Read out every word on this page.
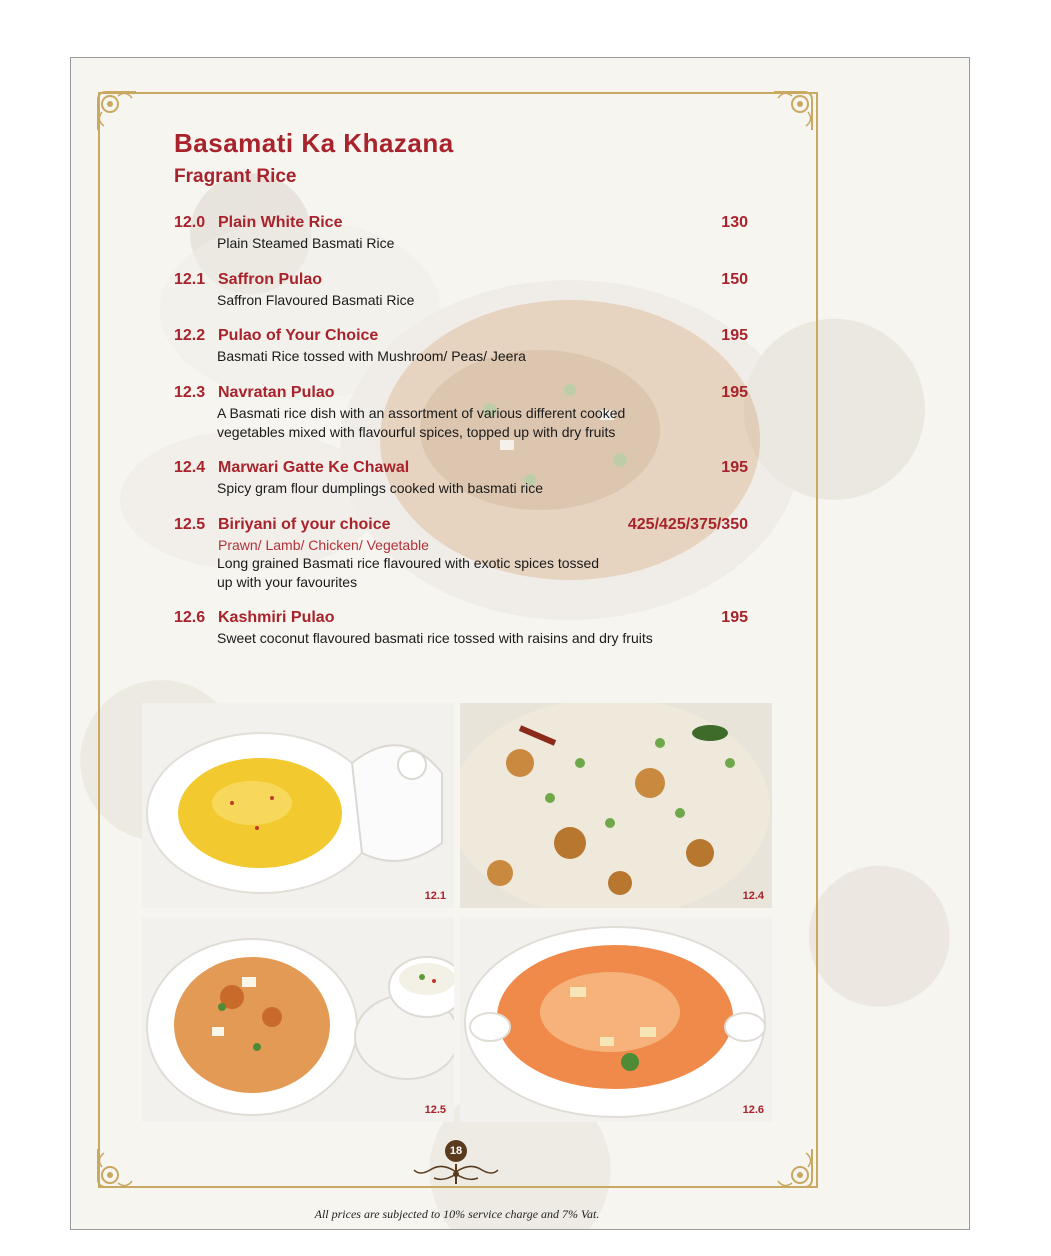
Basamati Ka Khazana
Fragrant Rice
12.0 Plain White Rice	130
Plain Steamed Basmati Rice
12.1 Saffron Pulao	150
Saffron Flavoured Basmati Rice
12.2 Pulao of Your Choice	195
Basmati Rice tossed with Mushroom/ Peas/ Jeera
12.3 Navratan Pulao	195
A Basmati rice dish with an assortment of various different cooked
vegetables mixed with flavourful spices, topped up with dry fruits
12.4 Marwari Gatte Ke Chawal	195
Spicy gram flour dumplings cooked with basmati rice
12.5 Biriyani of your choice	425/425/375/350
Prawn/ Lamb/ Chicken/ Vegetable
Long grained Basmati rice flavoured with exotic spices tossed
up with your favourites
12.6 Kashmiri Pulao	195
Sweet coconut flavoured basmati rice tossed with raisins and dry fruits
12.1	12.4
12.5	12.6
18
All prices are subjected to 10% service charge and 7% Vat.
